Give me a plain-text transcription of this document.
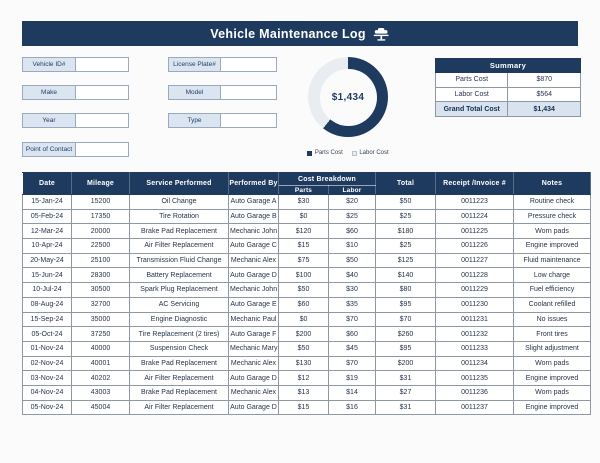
Vehicle Maintenance Log
Vehicle ID#
Make
Year
Point of Contact
License Plate#
Model
Type
$1,434
Parts Cost	Labor Cost
Summary	
Parts Cost	$870
Labor Cost	$564
Grand Total Cost	$1,434
Date	Mileage	Service Performed	Performed By	Cost Breakdown		Total	Receipt /Invoice #	Notes
				Parts	Labor			
15-Jan-24	15200	Oil Change	Auto Garage A	$30	$20	$50	0011223	Routine check
05-Feb-24	17350	Tire Rotation	Auto Garage B	$0	$25	$25	0011224	Pressure check
12-Mar-24	20000	Brake Pad Replacement	Mechanic John	$120	$60	$180	0011225	Worn pads
10-Apr-24	22500	Air Filter Replacement	Auto Garage C	$15	$10	$25	0011226	Engine improved
20-May-24	25100	Transmission Fluid Change	Mechanic Alex	$75	$50	$125	0011227	Fluid maintenance
15-Jun-24	28300	Battery Replacement	Auto Garage D	$100	$40	$140	0011228	Low charge
10-Jul-24	30500	Spark Plug Replacement	Mechanic John	$50	$30	$80	0011229	Fuel efficiency
08-Aug-24	32700	AC Servicing	Auto Garage E	$60	$35	$95	0011230	Coolant refilled
15-Sep-24	35000	Engine Diagnostic	Mechanic Paul	$0	$70	$70	0011231	No issues
05-Oct-24	37250	Tire Replacement (2 tires)	Auto Garage F	$200	$60	$260	0011232	Front tires
01-Nov-24	40000	Suspension Check	Mechanic Mary	$50	$45	$95	0011233	Slight adjustment
02-Nov-24	40001	Brake Pad Replacement	Mechanic Alex	$130	$70	$200	0011234	Worn pads
03-Nov-24	40202	Air Filter Replacement	Auto Garage D	$12	$19	$31	0011235	Engine improved
04-Nov-24	43003	Brake Pad Replacement	Mechanic Alex	$13	$14	$27	0011236	Worn pads
05-Nov-24	45004	Air Filter Replacement	Auto Garage D	$15	$16	$31	0011237	Engine improved
